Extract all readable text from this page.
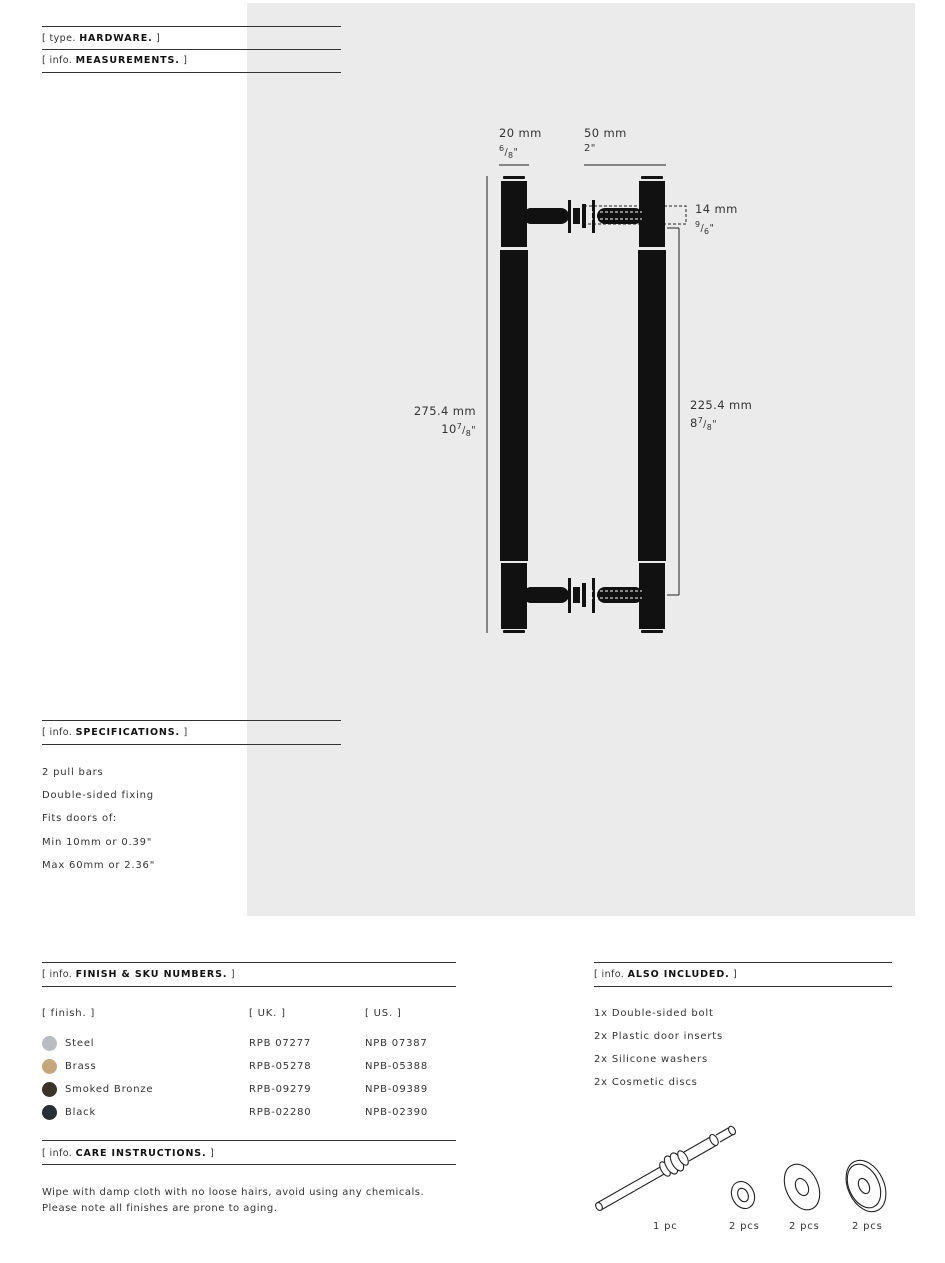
[ type. HARDWARE. ]
[ info. MEASUREMENTS. ]
20 mm
$^6/_8$"
50 mm
2"
14 mm
$^9/_6$"
275.4 mm
$10^7/_8$"
225.4 mm
$8^7/_8$"
[ info. SPECIFICATIONS. ]
2 pull bars
Double-sided fixing
Fits doors of:
Min 10mm or 0.39"
Max 60mm or 2.36"
[ info. FINISH & SKU NUMBERS. ]
[ finish. ]	[ UK. ]	[ US. ]
Steel	RPB 07277	NPB 07387
Brass	RPB-05278	NPB-05388
Smoked Bronze	RPB-09279	NPB-09389
Black	RPB-02280	NPB-02390
[ info. CARE INSTRUCTIONS. ]
Wipe with damp cloth with no loose hairs, avoid using any chemicals.
Please note all finishes are prone to aging.
[ info. ALSO INCLUDED. ]
1x Double-sided bolt
2x Plastic door inserts
2x Silicone washers
2x Cosmetic discs
1 pc	2 pcs	2 pcs	2 pcs
